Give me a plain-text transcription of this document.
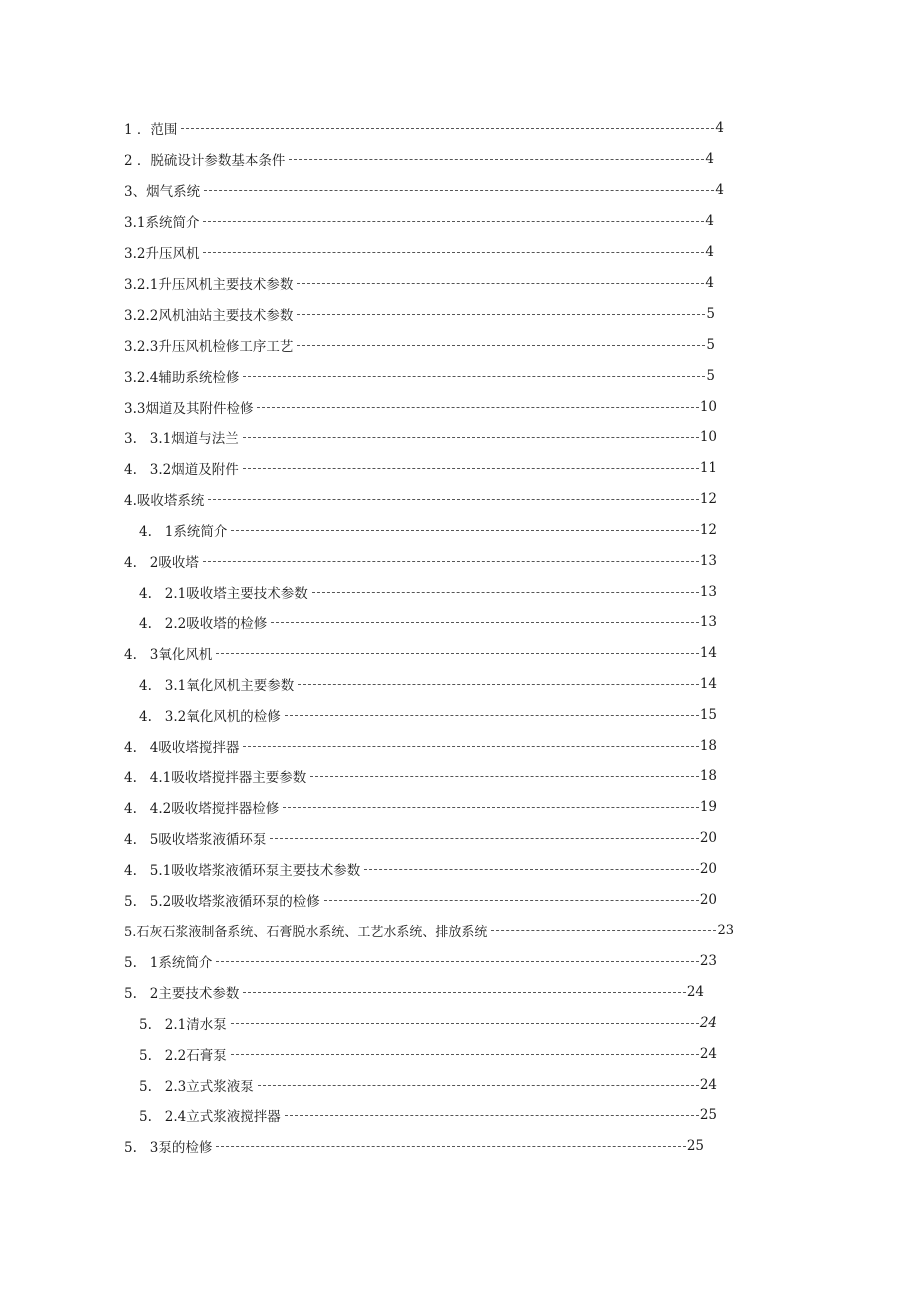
1 ．范围	4
2 ．脱硫设计参数基本条件	4
3、烟气系统	4
3.1系统简介	4
3.2升压风机	4
3.2.1升压风机主要技术参数	4
3.2.2风机油站主要技术参数	5
3.2.3升压风机检修工序工艺	5
3.2.4辅助系统检修	5
3.3烟道及其附件检修	10
3.   3.1烟道与法兰	10
4.   3.2烟道及附件	11
4.吸收塔系统	12
4.   1系统简介	12
4.   2吸收塔	13
4.   2.1吸收塔主要技术参数	13
4.   2.2吸收塔的检修	13
4.   3氧化风机	14
4.   3.1氧化风机主要参数	14
4.   3.2氧化风机的检修	15
4.   4吸收塔搅拌器	18
4.   4.1吸收塔搅拌器主要参数	18
4.   4.2吸收塔搅拌器检修	19
4.   5吸收塔浆液循环泵	20
4.   5.1吸收塔浆液循环泵主要技术参数	20
5.   5.2吸收塔浆液循环泵的检修	20
5.石灰石浆液制备系统、石膏脱水系统、工艺水系统、排放系统	23
5.   1系统简介	23
5.   2主要技术参数	24
5.   2.1清水泵	24
5.   2.2石膏泵	24
5.   2.3立式浆液泵	24
5.   2.4立式浆液搅拌器	25
5.   3泵的检修	25
